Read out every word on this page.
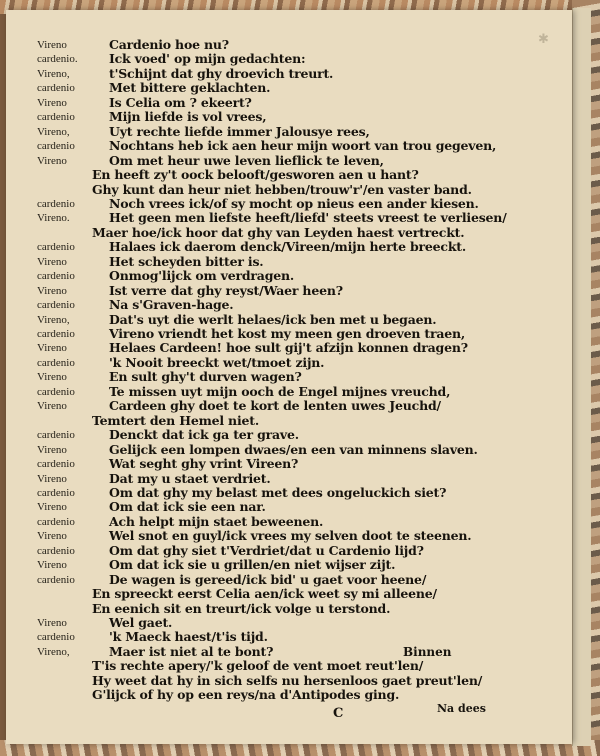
✱
Vireno	Cardenio hoe nu?
cardenio.	Ick voed' op mijn gedachten:
Vireno,	t'Schijnt dat ghy droevich treurt.
cardenio	Met bittere geklachten.
Vireno	Is Celia om ? ekeert?
cardenio	Mijn liefde is vol vrees,
Vireno,	Uyt rechte liefde immer Jalousye rees,
cardenio	Nochtans heb ick aen heur mijn woort van trou gegeven,
Vireno	Om met heur uwe leven lieflick te leven,
En heeft zy't oock belooft/gesworen aen u hant?
Ghy kunt dan heur niet hebben/trouw'r'/en vaster band.
cardenio	Noch vrees ick/of sy mocht op nieus een ander kiesen.
Vireno.	Het geen men liefste heeft/liefd' steets vreest te verliesen/
Maer hoe/ick hoor dat ghy van Leyden haest vertreckt.
cardenio	Halaes ick daerom denck/Vireen/mijn herte breeckt.
Vireno	Het scheyden bitter is.
cardenio	Onmog'lijck om verdragen.
Vireno	Ist verre dat ghy reyst/Waer heen?
cardenio	Na s'Graven-hage.
Vireno,	Dat's uyt die werlt helaes/ick ben met u begaen.
cardenio	Vireno vriendt het kost my meen gen droeven traen,
Vireno	Helaes Cardeen! hoe sult gij't afzijn konnen dragen?
cardenio	'k Nooit breeckt wet/tmoet zijn.
Vireno	En sult ghy't durven wagen?
cardenio	Te missen uyt mijn ooch de Engel mijnes vreuchd,
Vireno	Cardeen ghy doet te kort de lenten uwes Jeuchd/
Temtert den Hemel niet.
cardenio	Denckt dat ick ga ter grave.
Vireno	Gelijck een lompen dwaes/en een van minnens slaven.
cardenio	Wat seght ghy vrint Vireen?
Vireno	Dat my u staet verdriet.
cardenio	Om dat ghy my belast met dees ongeluckich siet?
Vireno	Om dat ick sie een nar.
cardenio	Ach helpt mijn staet beweenen.
Vireno	Wel snot en guyl/ick vrees my selven doot te steenen.
cardenio	Om dat ghy siet t'Verdriet/dat u Cardenio lijd?
Vireno	Om dat ick sie u grillen/en niet wijser zijt.
cardenio	De wagen is gereed/ick bid' u gaet voor heene/
En spreeckt eerst Celia aen/ick weet sy mi alleene/
En eenich sit en treurt/ick volge u terstond.
Vireno	Wel gaet.
cardenio	'k Maeck haest/t'is tijd.
Vireno,	Maer ist niet al te bont?
T'is rechte apery/'k geloof de vent moet reut'len/
Hy weet dat hy in sich selfs nu hersenloos gaet preut'len/
G'lijck of hy op een reys/na d'Antipodes ging.
Binnen
C	Na dees
